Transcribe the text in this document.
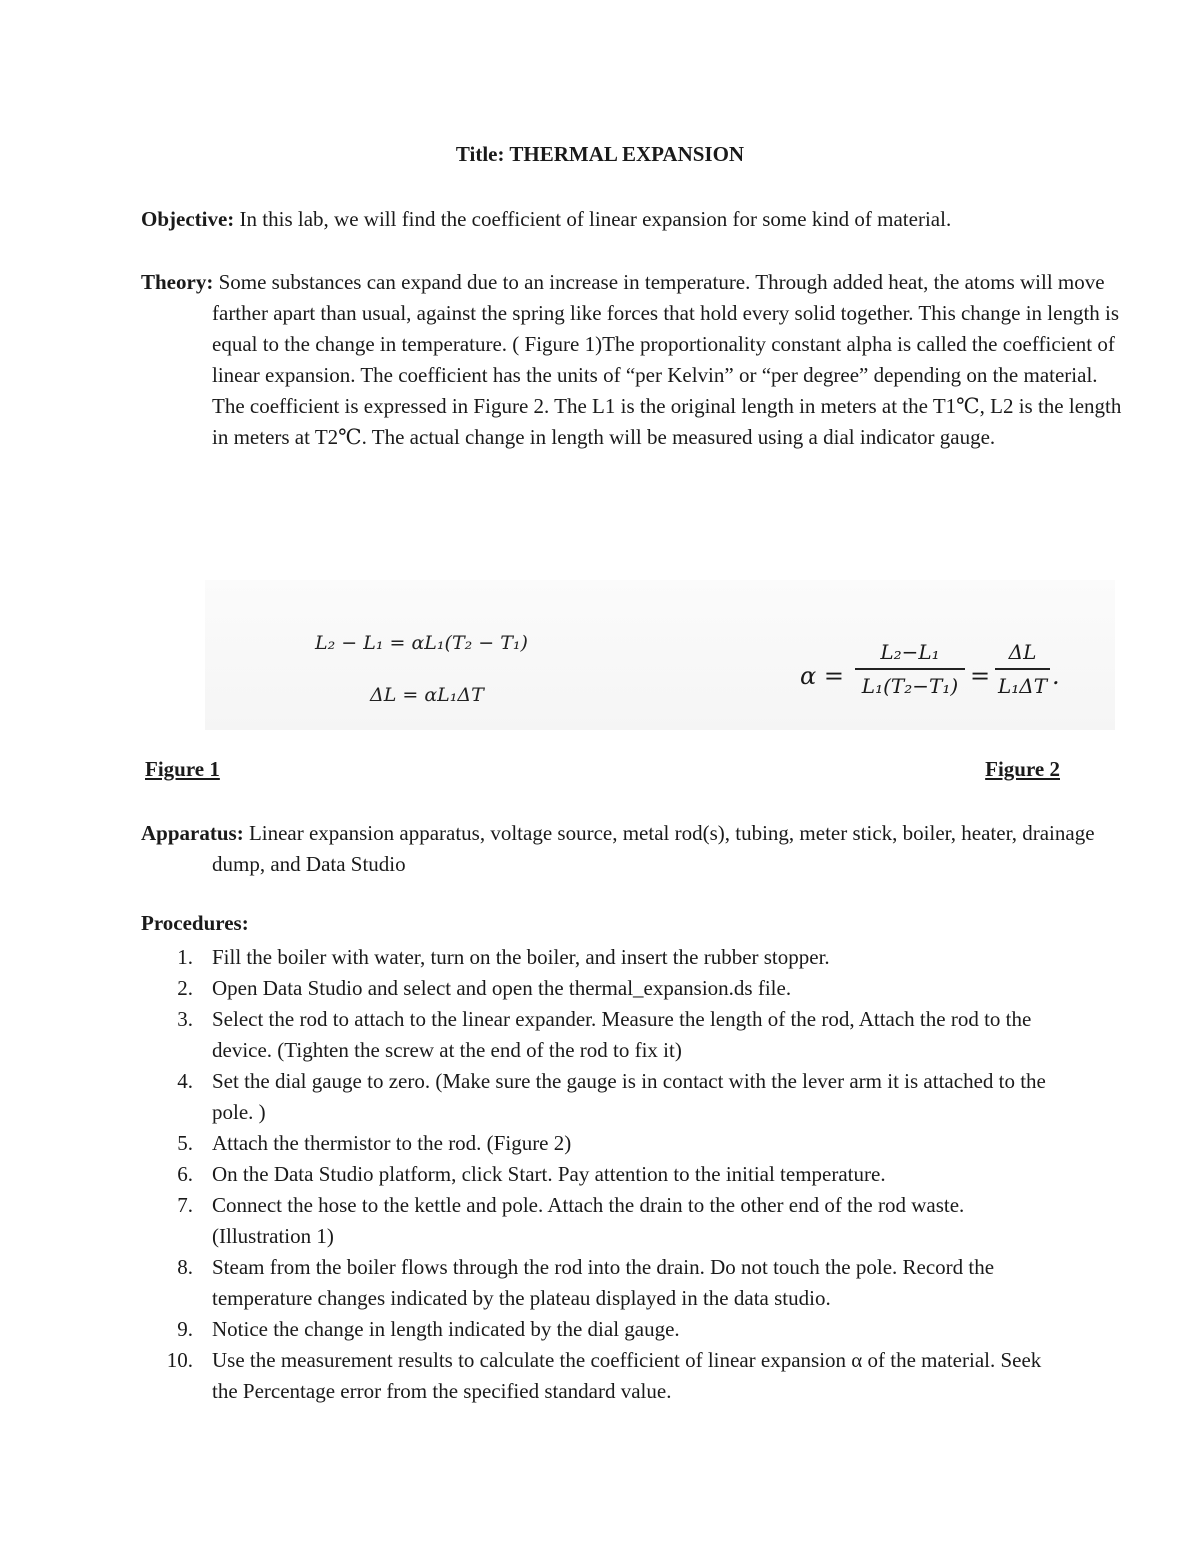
Title: THERMAL EXPANSION
Objective: In this lab, we will find the coefficient of linear expansion for some kind of material.
Theory: Some substances can expand due to an increase in temperature. Through added heat, the atoms will move farther apart than usual, against the spring like forces that hold every solid together. This change in length is equal to the change in temperature. ( Figure 1)The proportionality constant alpha is called the coefficient of linear expansion. The coefficient has the units of “per Kelvin” or “per degree” depending on the material. The coefficient is expressed in Figure 2. The L1 is the original length in meters at the T1℃, L2 is the length in meters at T2℃. The actual change in length will be measured using a dial indicator gauge.
L₂ − L₁ = αL₁(T₂ − T₁)
ΔL = αL₁ΔT
α =
L₂−L₁
L₁(T₂−T₁) =
ΔL
L₁ΔT .
Figure 1	Figure 2
Apparatus: Linear expansion apparatus, voltage source, metal rod(s), tubing, meter stick, boiler, heater, drainage dump, and Data Studio
Procedures:
1. Fill the boiler with water, turn on the boiler, and insert the rubber stopper.
2. Open Data Studio and select and open the thermal_expansion.ds file.
3. Select the rod to attach to the linear expander. Measure the length of the rod, Attach the rod to the device. (Tighten the screw at the end of the rod to fix it)
4. Set the dial gauge to zero. (Make sure the gauge is in contact with the lever arm it is attached to the pole. )
5. Attach the thermistor to the rod. (Figure 2)
6. On the Data Studio platform, click Start. Pay attention to the initial temperature.
7. Connect the hose to the kettle and pole. Attach the drain to the other end of the rod waste. (Illustration 1)
8. Steam from the boiler flows through the rod into the drain. Do not touch the pole. Record the temperature changes indicated by the plateau displayed in the data studio.
9. Notice the change in length indicated by the dial gauge.
10. Use the measurement results to calculate the coefficient of linear expansion α of the material. Seek the Percentage error from the specified standard value.
